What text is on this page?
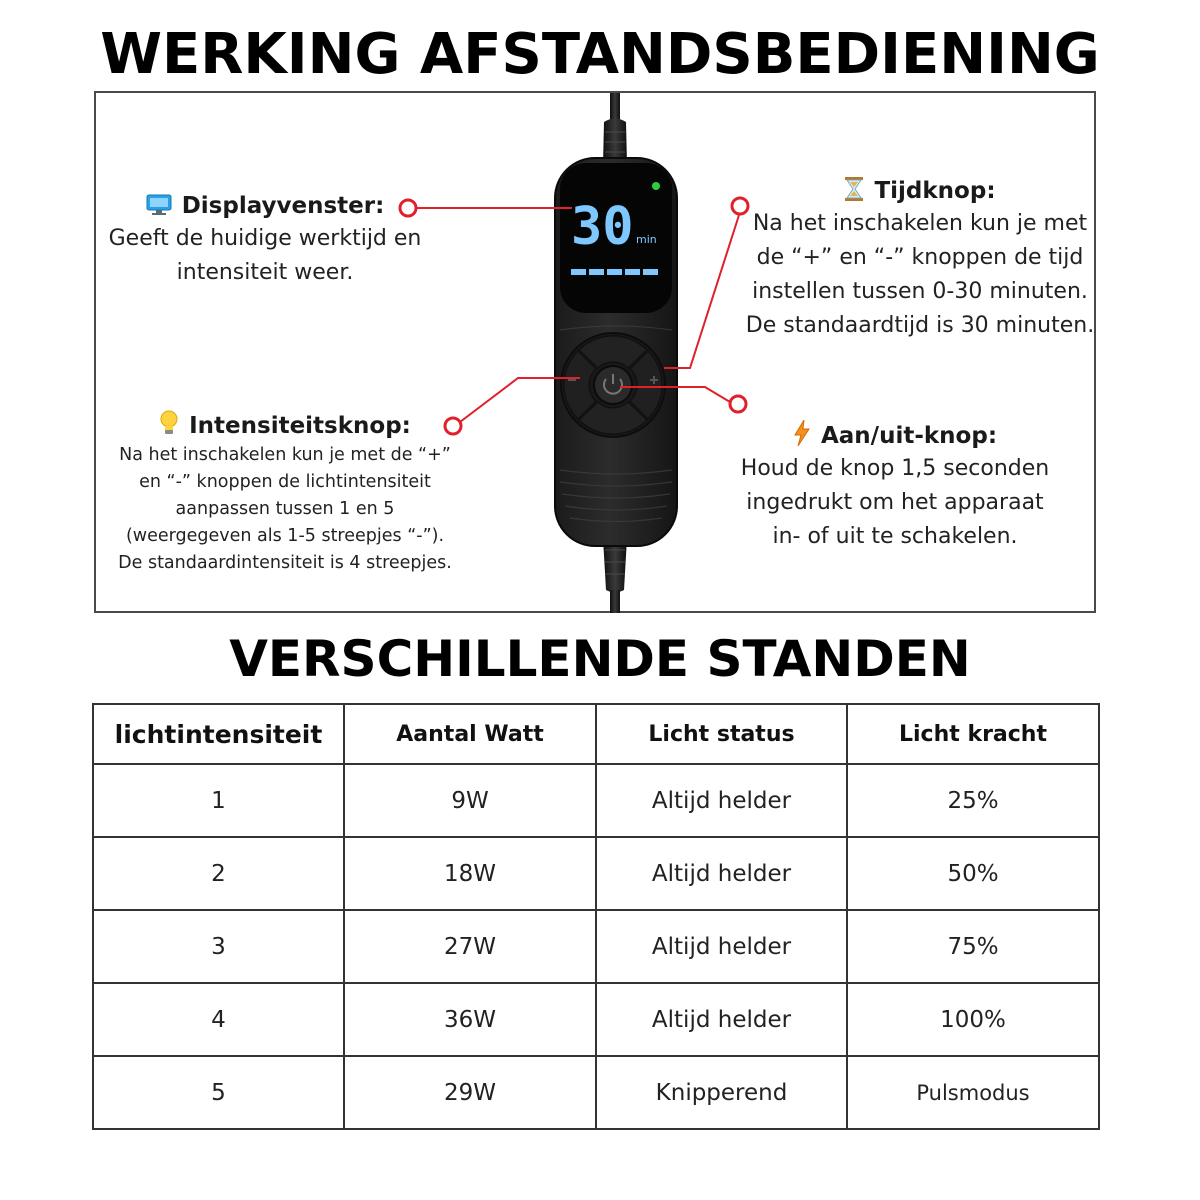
WERKING AFSTANDSBEDIENING
30 min
Displayvenster:
Geeft de huidige werktijd en
intensiteit weer.
Tijdknop:
Na het inschakelen kun je met
de “+” en “-” knoppen de tijd
instellen tussen 0-30 minuten.
De standaardtijd is 30 minuten.
Intensiteitsknop:
Na het inschakelen kun je met de “+”
en “-” knoppen de lichtintensiteit
aanpassen tussen 1 en 5
(weergegeven als 1-5 streepjes “-”).
De standaardintensiteit is 4 streepjes.
Aan/uit-knop:
Houd de knop 1,5 seconden
ingedrukt om het apparaat
in- of uit te schakelen.
VERSCHILLENDE STANDEN
lichtintensiteit	Aantal Watt	Licht status	Licht kracht
1	9W	Altijd helder	25%
2	18W	Altijd helder	50%
3	27W	Altijd helder	75%
4	36W	Altijd helder	100%
5	29W	Knipperend	Pulsmodus
